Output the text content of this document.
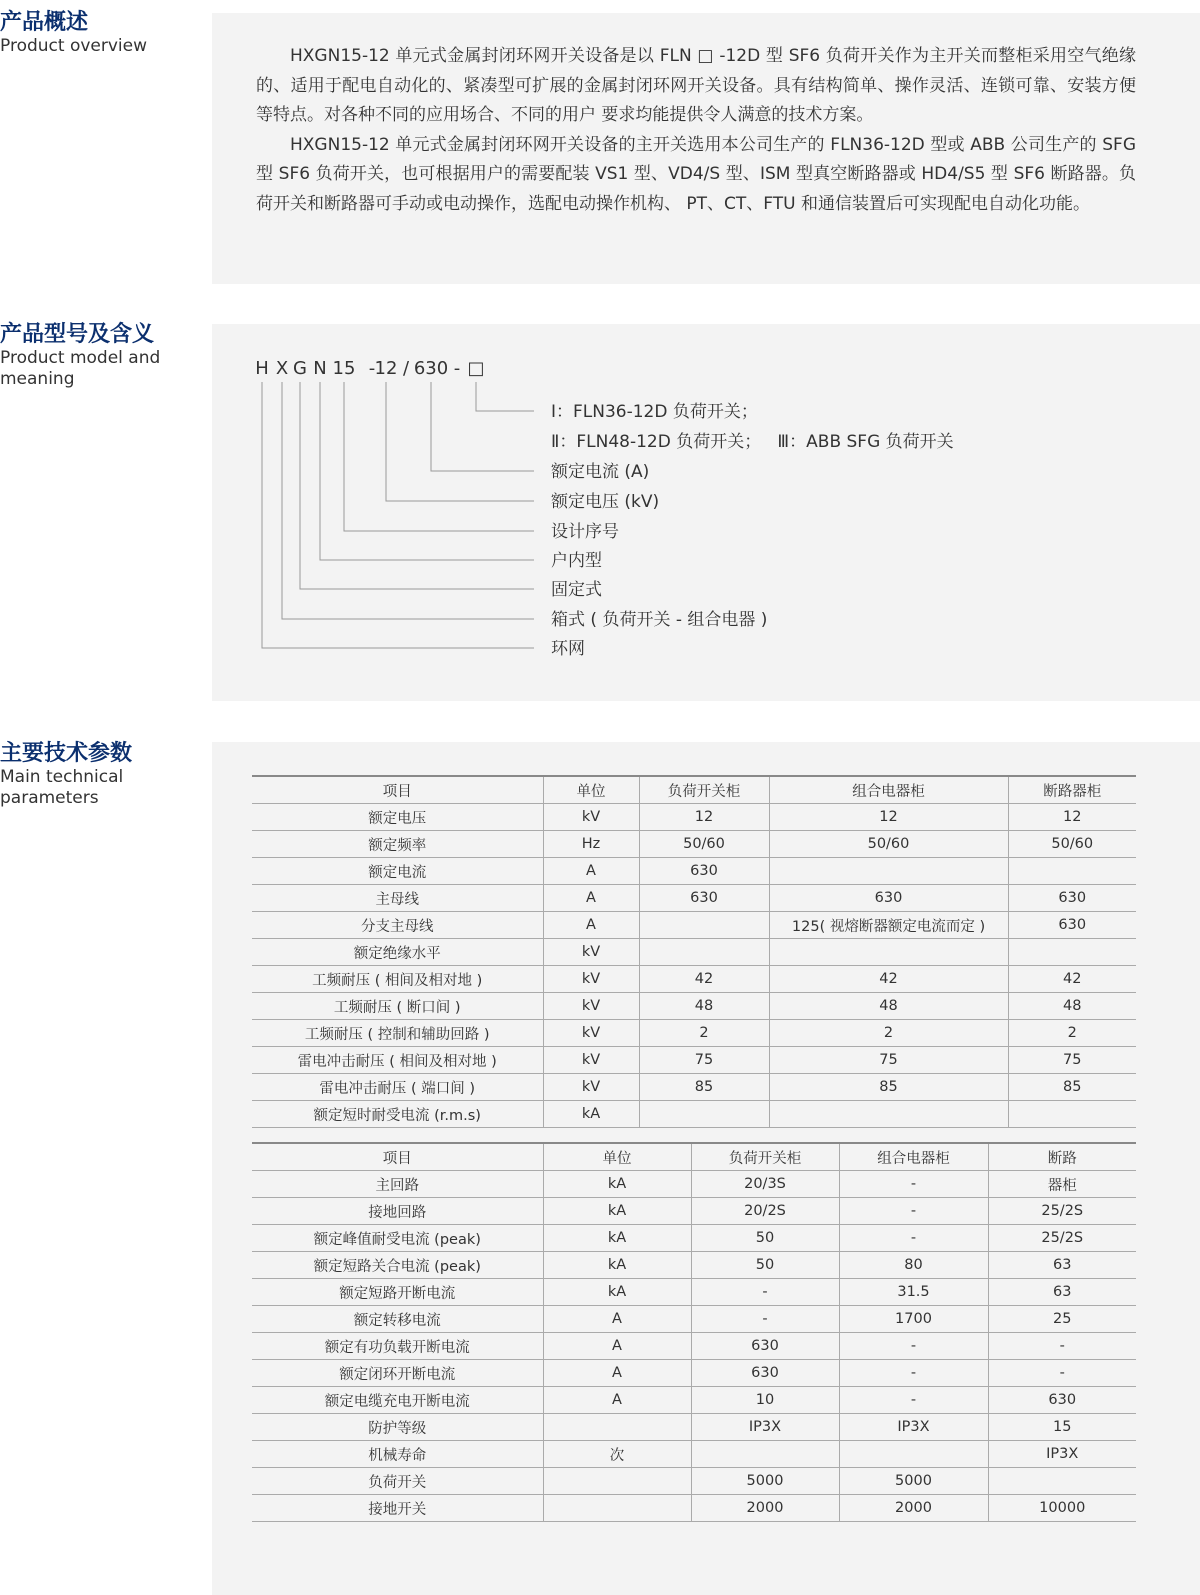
产品概述
Product overview	HXGN15-12 单元式金属封闭环网开关设备是以 FLN □ -12D 型 SF6 负荷开关作为主开关而整柜采用空气绝缘的、适用于配电自动化的、紧凑型可扩展的金属封闭环网开关设备。具有结构简单、操作灵活、连锁可靠、安装方便等特点。对各种不同的应用场合、不同的用户 要求均能提供令人满意的技术方案。

HXGN15-12 单元式金属封闭环网开关设备的主开关选用本公司生产的 FLN36-12D 型或 ABB 公司生产的 SFG 型 SF6 负荷开关，也可根据用户的需要配装 VS1 型、VD4/S 型、ISM 型真空断路器或 HD4/S5 型 SF6 断路器。负荷开关和断路器可手动或电动操作，选配电动操作机构、 PT、CT、FTU 和通信装置后可实现配电自动化功能。

产品型号及含义
Product model and
meaning	H X G N 15 - 12 / 630 - □
Ⅰ：FLN36-12D 负荷开关；
Ⅱ：FLN48-12D 负荷开关；   Ⅲ：ABB SFG 负荷开关
额定电流 (A)
额定电压 (kV)
设计序号
户内型
固定式
箱式 ( 负荷开关 - 组合电器 )
环网
主要技术参数
Main technical
parameters	项目	单位	负荷开关柜	组合电器柜	断路器柜
额定电压	kV	12	12	12
额定频率	Hz	50/60	50/60	50/60
额定电流	A	630		
主母线	A	630	630	630
分支主母线	A		125( 视熔断器额定电流而定 )	630
额定绝缘水平	kV			
工频耐压 ( 相间及相对地 )	kV	42	42	42
工频耐压 ( 断口间 )	kV	48	48	48
工频耐压 ( 控制和辅助回路 )	kV	2	2	2
雷电冲击耐压 ( 相间及相对地 )	kV	75	75	75
雷电冲击耐压 ( 端口间 )	kV	85	85	85
额定短时耐受电流 (r.m.s)	kA			
项目	单位	负荷开关柜	组合电器柜	断路
主回路	kA	20/3S	-	器柜
接地回路	kA	20/2S	-	25/2S
额定峰值耐受电流 (peak)	kA	50	-	25/2S
额定短路关合电流 (peak)	kA	50	80	63
额定短路开断电流	kA	-	31.5	63
额定转移电流	A	-	1700	25
额定有功负载开断电流	A	630	-	-
额定闭环开断电流	A	630	-	-
额定电缆充电开断电流	A	10	-	630
防护等级		IP3X	IP3X	15
机械寿命	次			IP3X
负荷开关		5000	5000	
接地开关		2000	2000	10000
